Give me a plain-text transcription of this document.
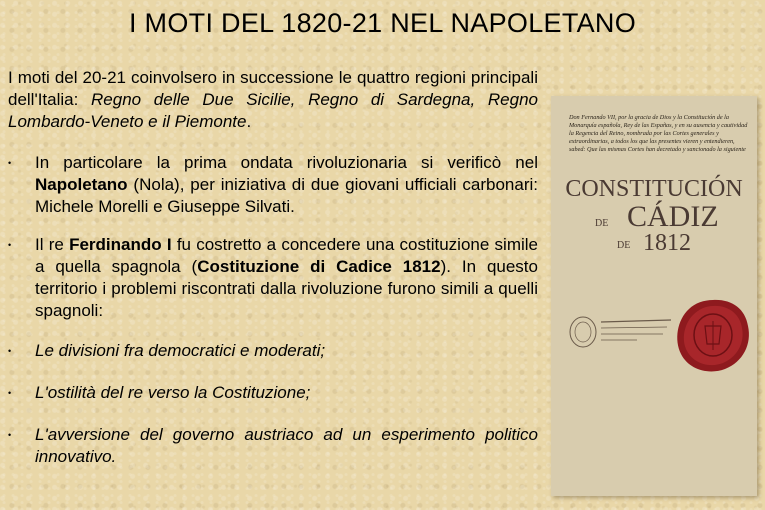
I MOTI DEL 1820-21 NEL NAPOLETANO
I moti del 20-21 coinvolsero in successione le quattro regioni principali dell'Italia: Regno delle Due Sicilie, Regno di Sardegna, Regno Lombardo-Veneto e il Piemonte.
• In particolare la prima ondata rivoluzionaria si verificò nel Napoletano (Nola), per iniziativa di due giovani ufficiali carbonari: Michele Morelli e Giuseppe Silvati.
• Il re Ferdinando I fu costretto a concedere una costituzione simile a quella spagnola (Costituzione di Cadice 1812). In questo territorio i problemi riscontrati dalla rivoluzione furono simili a quelli spagnoli:
• Le divisioni fra democratici e moderati;
• L'ostilità del re verso la Costituzione;
• L'avversione del governo austriaco ad un esperimento politico innovativo.
Don Fernando VII, por la gracia de Dios y la Constitución de la Monarquía española, Rey de las Españas, y en su ausencia y cautividad la Regencia del Reino, nombrada por las Cortes generales y extraordinarias, a todos los que las presentes vieren y entendieren, sabed: Que las mismas Cortes han decretado y sancionado la siguiente
CONSTITUCIÓN
DE CÁDIZ
DE 1812
